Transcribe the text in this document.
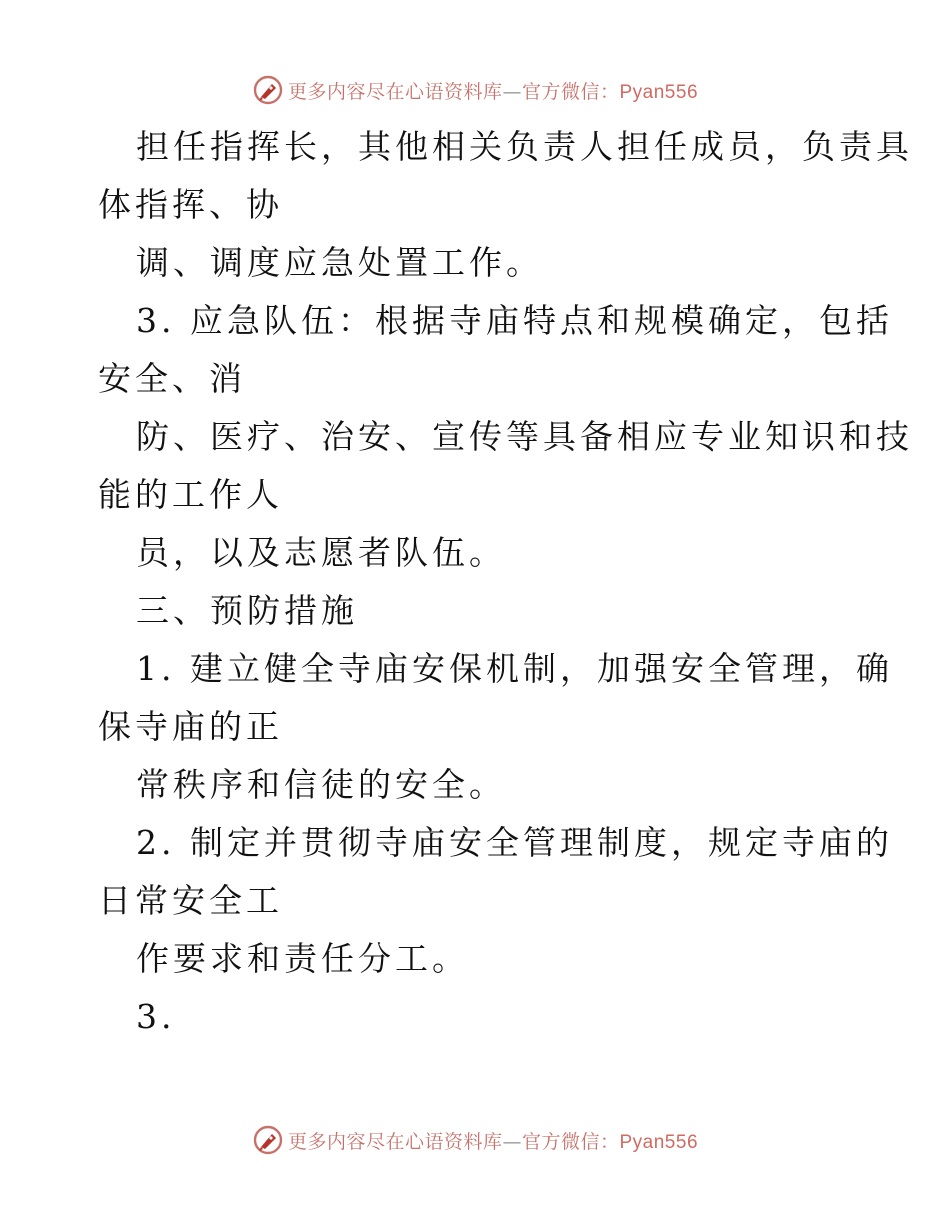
更多内容尽在心语资料库—官方微信：Pyan556
担任指挥长，其他相关负责人担任成员，负责具
体指挥、协
调、调度应急处置工作。
3. 应急队伍：根据寺庙特点和规模确定，包括
安全、消
防、医疗、治安、宣传等具备相应专业知识和技
能的工作人
员，以及志愿者队伍。
三、预防措施
1. 建立健全寺庙安保机制，加强安全管理，确
保寺庙的正
常秩序和信徒的安全。
2. 制定并贯彻寺庙安全管理制度，规定寺庙的
日常安全工
作要求和责任分工。
3.
更多内容尽在心语资料库—官方微信：Pyan556
